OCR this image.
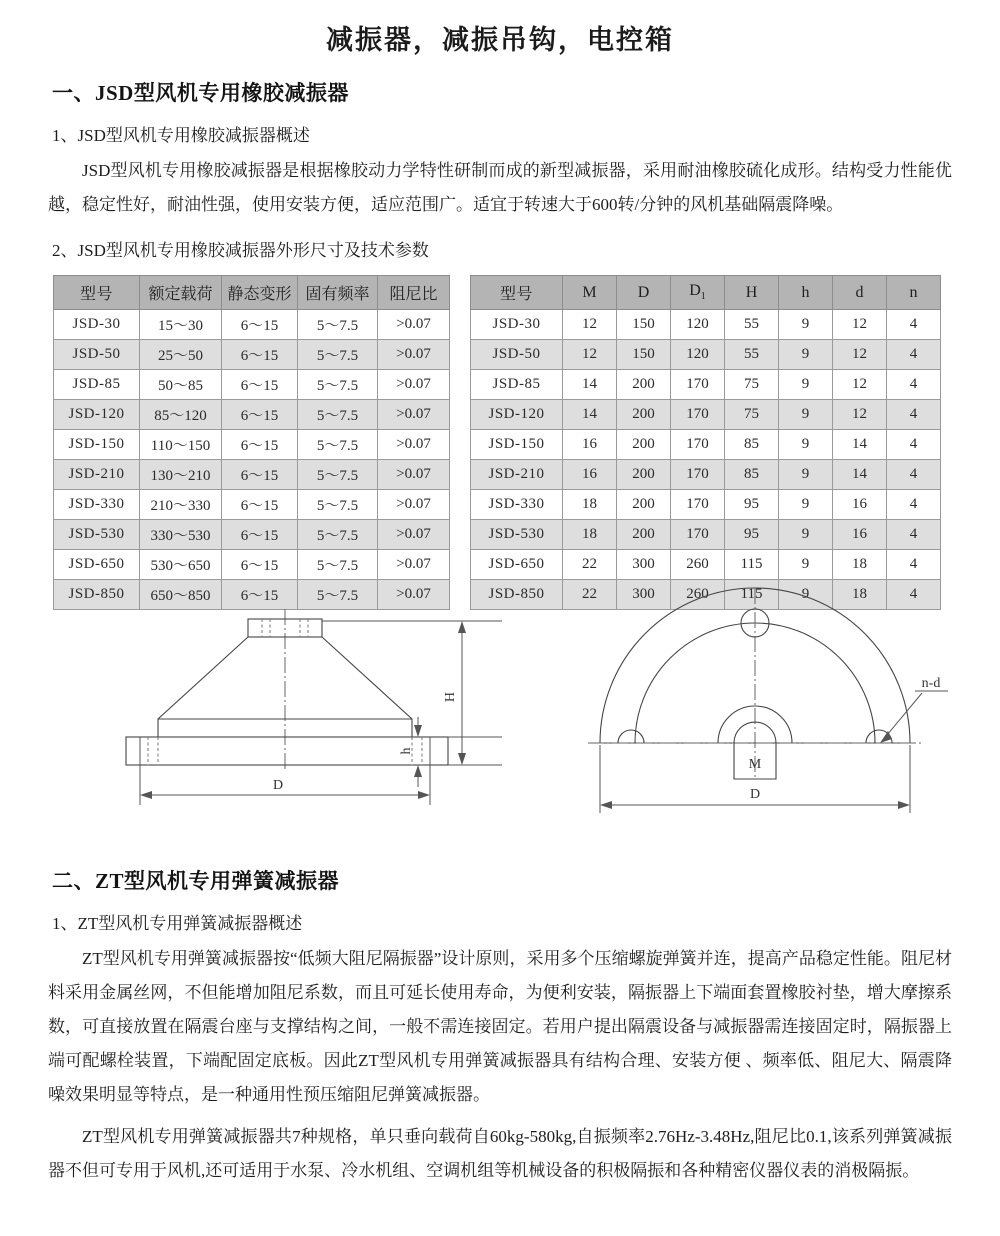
减振器，减振吊钩，电控箱
一、JSD型风机专用橡胶减振器
1、JSD型风机专用橡胶减振器概述

JSD型风机专用橡胶减振器是根据橡胶动力学特性研制而成的新型减振器，采用耐油橡胶硫化成形。结构受力性能优越，稳定性好，耐油性强，使用安装方便，适应范围广。适宜于转速大于600转/分钟的风机基础隔震降噪。

2、JSD型风机专用橡胶减振器外形尺寸及技术参数
型号	额定载荷	静态变形	固有频率	阻尼比
JSD-30	15～30	6～15	5～7.5	>0.07
JSD-50	25～50	6～15	5～7.5	>0.07
JSD-85	50～85	6～15	5～7.5	>0.07
JSD-120	85～120	6～15	5～7.5	>0.07
JSD-150	110～150	6～15	5～7.5	>0.07
JSD-210	130～210	6～15	5～7.5	>0.07
JSD-330	210～330	6～15	5～7.5	>0.07
JSD-530	330～530	6～15	5～7.5	>0.07
JSD-650	530～650	6～15	5～7.5	>0.07
JSD-850	650～850	6～15	5～7.5	>0.07
型号	M	D	$D_1$	H	h	d	n
JSD-30	12	150	120	55	9	12	4
JSD-50	12	150	120	55	9	12	4
JSD-85	14	200	170	75	9	12	4
JSD-120	14	200	170	75	9	12	4
JSD-150	16	200	170	85	9	14	4
JSD-210	16	200	170	85	9	14	4
JSD-330	18	200	170	95	9	16	4
JSD-530	18	200	170	95	9	16	4
JSD-650	22	300	260	115	9	18	4
JSD-850	22	300	260	115	9	18	4
D
H
h
M
n-d
D
二、ZT型风机专用弹簧减振器
1、ZT型风机专用弹簧减振器概述

ZT型风机专用弹簧减振器按“低频大阻尼隔振器”设计原则，采用多个压缩螺旋弹簧并连，提高产品稳定性能。阻尼材料采用金属丝网，不但能增加阻尼系数，而且可延长使用寿命，为便利安装，隔振器上下端面套置橡胶衬垫，增大摩擦系数，可直接放置在隔震台座与支撑结构之间，一般不需连接固定。若用户提出隔震设备与减振器需连接固定时，隔振器上端可配螺栓装置，下端配固定底板。因此ZT型风机专用弹簧减振器具有结构合理、安装方便 、频率低、阻尼大、隔震降噪效果明显等特点，是一种通用性预压缩阻尼弹簧减振器。

ZT型风机专用弹簧减振器共7种规格，单只垂向载荷自60kg-580kg,自振频率2.76Hz-3.48Hz,阻尼比0.1,该系列弹簧减振器不但可专用于风机,还可适用于水泵、冷水机组、空调机组等机械设备的积极隔振和各种精密仪器仪表的消极隔振。
